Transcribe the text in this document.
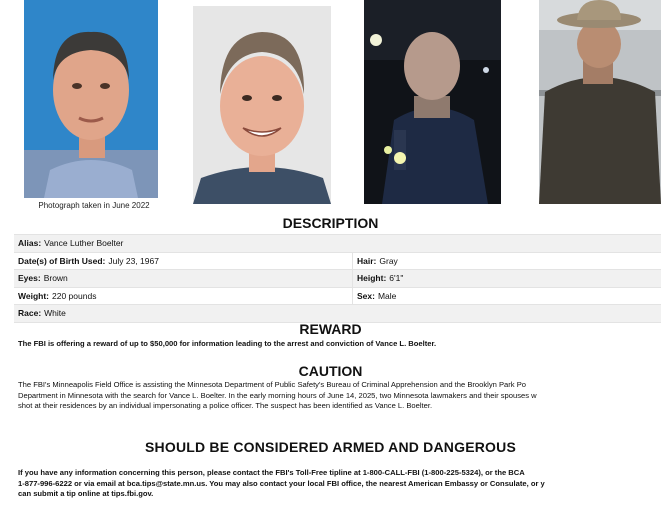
Photograph taken in June 2022
DESCRIPTION
Alias: Vance Luther Boelter
Date(s) of Birth Used: July 23, 1967	Hair: Gray
Eyes: Brown	Height: 6'1"
Weight: 220 pounds	Sex: Male
Race: White
REWARD
The FBI is offering a reward of up to $50,000 for information leading to the arrest and conviction of Vance L. Boelter.
CAUTION
The FBI's Minneapolis Field Office is assisting the Minnesota Department of Public Safety's Bureau of Criminal Apprehension and the Brooklyn Park Po
Department in Minnesota with the search for Vance L. Boelter. In the early morning hours of June 14, 2025, two Minnesota lawmakers and their spouses w
shot at their residences by an individual impersonating a police officer. The suspect has been identified as Vance L. Boelter.
SHOULD BE CONSIDERED ARMED AND DANGEROUS
If you have any information concerning this person, please contact the FBI's Toll-Free tipline at 1-800-CALL-FBI (1-800-225-5324), or the BCA
1-877-996-6222 or via email at bca.tips@state.mn.us. You may also contact your local FBI office, the nearest American Embassy or Consulate, or y
can submit a tip online at tips.fbi.gov.
